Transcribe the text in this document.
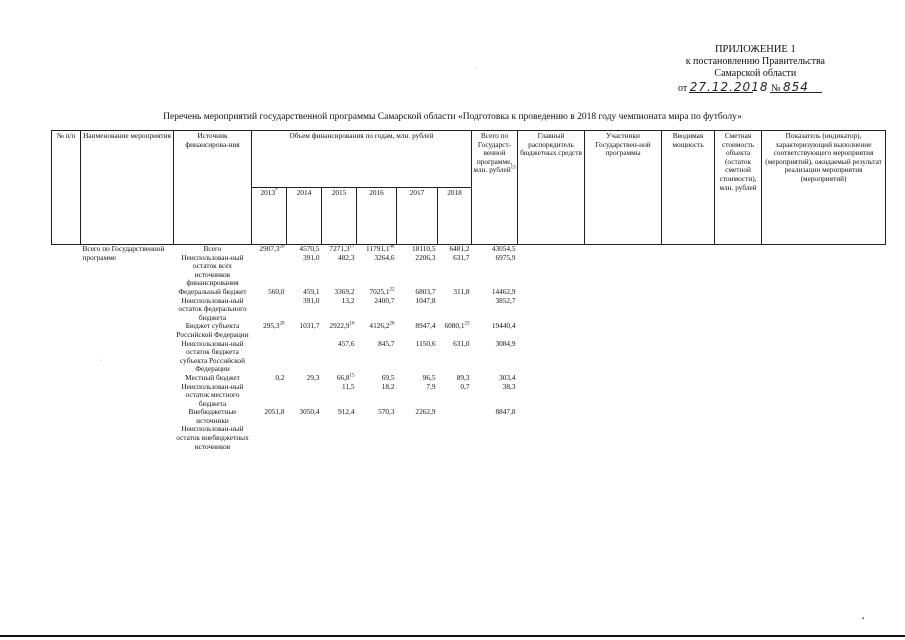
ПРИЛОЖЕНИЕ 1
к постановлению Правительства
Самарской области
от 27.12.2018 № 854
Перечень мероприятий государственной программы Самарской области «Подготовка к проведению в 2018 году чемпионата мира по футболу»
№ п/п	Наименование мероприятия	Источник финансирова-ния	Объем финансирования по годам, млн. рублей						Всего по Государст-венной программе, млн. рублей$^{13}$	Главный распорядитель бюджетных средств	Участники Государствен-ной программы	Вводимая мощность	Сметная стоимость объекта (остаток сметной стоимости), млн. рублей	Показатель (индикатор), характеризующий выполнение соответствующего мероприятия (мероприятий), ожидаемый результат реализации мероприятия (мероприятий)
			2013$^7$	2014	2015	2016	2017	2018						
	Всего по Государственной программе	Всего	2907,3$^{20}$	4570,5	7271,3$^{17}$	11791,1$^{48}$	18110,5	6481,2	43054,5					
		Неиспользован-ный остаток всех источников финансирования		391,0	482,3	3264,6	2206,3	631,7	6975,9					
		Федеральный бюджет	560,0	459,1	3369,2	7025,1$^{22}$	6803,7	311,8	14462,9					
		Неиспользован-ный остаток федерального бюджета		391,0	13,2	2400,7	1047,8		3852,7					
		Бюджет субъекта Российской Федерации	295,3$^{20}$	1031,7	2922,9$^{16}$	4126,2$^{28}$	8947,4	6080,1$^{23}$	19440,4					
		Неиспользован-ный остаток бюджета субъекта Российской Федерации			457,6	845,7	1150,6	631,0	3084,9					
		Местный бюджет	0,2	29,3	66,8$^{15}$	69,5	96,5	89,3	303,4					
		Неиспользован-ный остаток местного бюджета			11,5	18,2	7,9	0,7	38,3					
		Внебюджетные источники	2051,8	3050,4	912,4	570,3	2262,9		8847,8					
		Неиспользован-ный остаток внебюджетных источников												
·
·
▪
